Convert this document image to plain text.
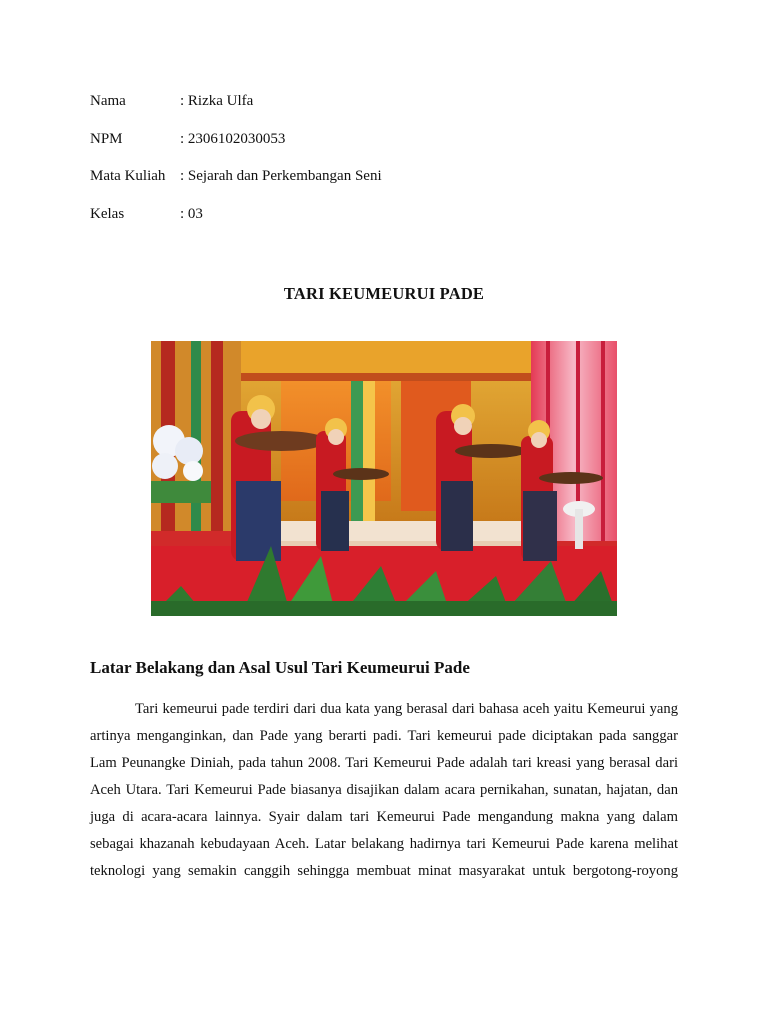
Nama	: Rizka Ulfa
NPM	: 2306102030053
Mata Kuliah : Sejarah dan Perkembangan Seni
Kelas	: 03
TARI KEUMEURUI PADE
Latar Belakang dan Asal Usul Tari Keumeurui Pade
Tari kemeurui pade terdiri dari dua kata yang berasal dari bahasa aceh yaitu Kemeurui yang
artinya menganginkan, dan Pade yang berarti padi. Tari kemeurui pade diciptakan pada sanggar
Lam Peunangke Diniah, pada tahun 2008. Tari Kemeurui Pade adalah tari kreasi yang berasal dari
Aceh Utara. Tari Kemeurui Pade biasanya disajikan dalam acara pernikahan, sunatan, hajatan, dan
juga di acara-acara lainnya. Syair dalam tari Kemeurui Pade mengandung makna yang dalam
sebagai khazanah kebudayaan Aceh. Latar belakang hadirnya tari Kemeurui Pade karena melihat
teknologi yang semakin canggih sehingga membuat minat masyarakat untuk bergotong-royong
